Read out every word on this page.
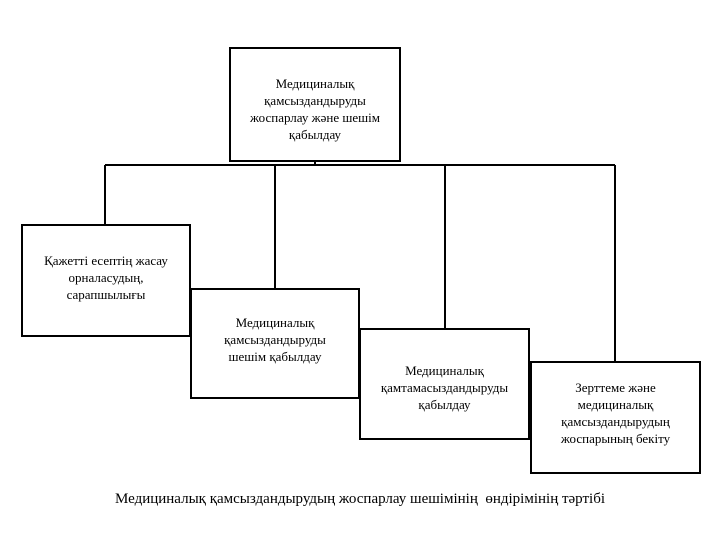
Медициналық
қамсыздандыруды
жоспарлау және шешім
қабылдау
Қажетті есептің жасау
орналасудың,
сарапшылығы
Медициналық
қамсыздандыруды
шешім қабылдау
Медициналық
қамтамасыздандыруды
қабылдау
Зерттеме және
медициналық
қамсыздандырудың
жоспарының бекіту
Медициналық қамсыздандырудың жоспарлау шешімінің  өндірімінің тәртібі
